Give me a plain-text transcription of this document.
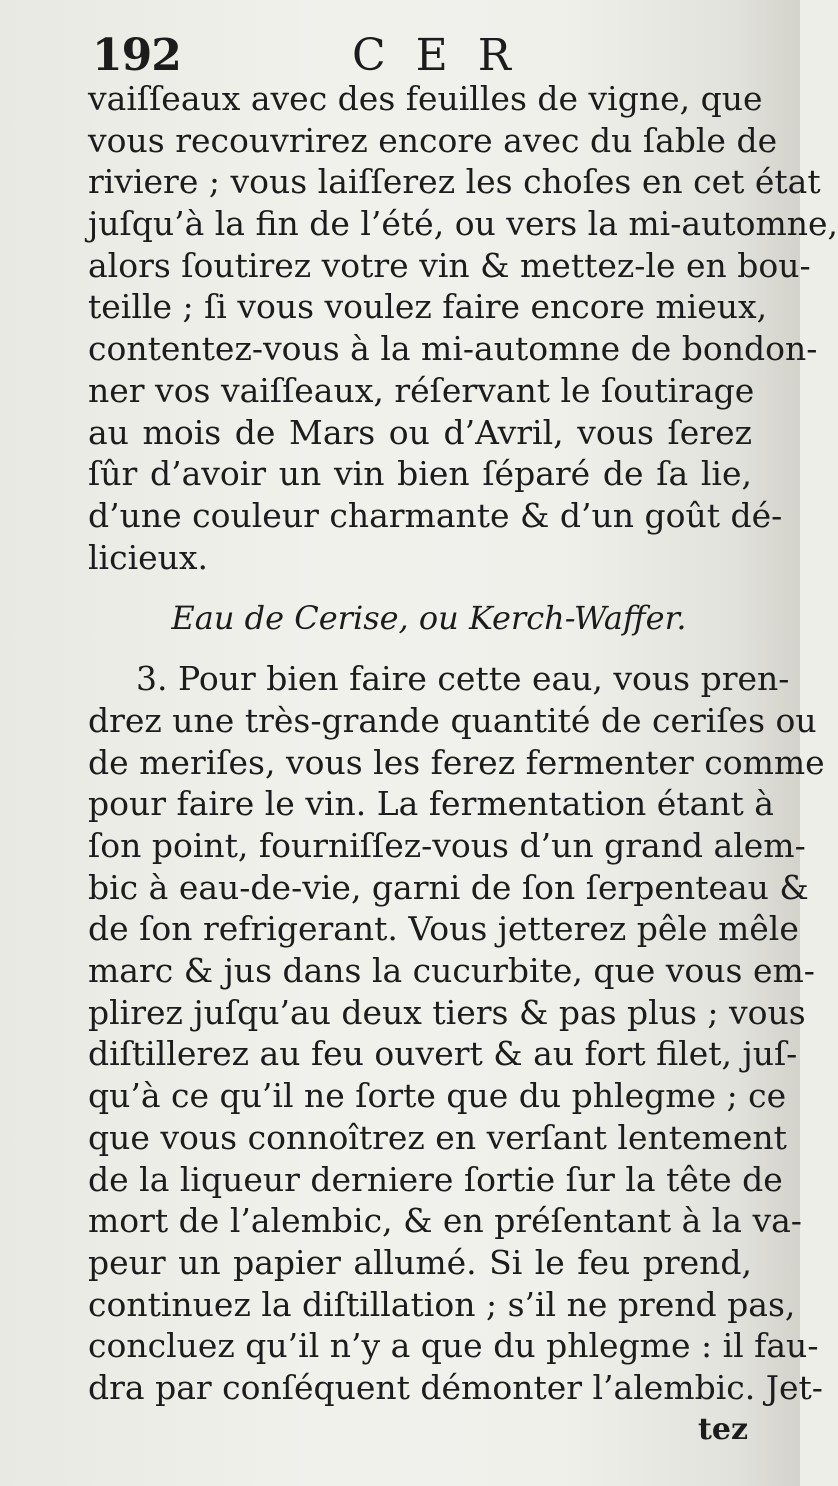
192	C E R
vaiſſeaux avec des feuilles de vigne, que
vous recouvrirez encore avec du ſable de
riviere ; vous laiſſerez les choſes en cet état
juſqu’à la fin de l’été, ou vers la mi-automne,
alors ſoutirez votre vin & mettez-le en bou-
teille ; ſi vous voulez faire encore mieux,
contentez-vous à la mi-automne de bondon-
ner vos vaiſſeaux, réſervant le ſoutirage
au mois de Mars ou d’Avril, vous ſerez
ſûr d’avoir un vin bien ſéparé de ſa lie,
d’une couleur charmante & d’un goût dé-
licieux.
Eau de Cerise, ou Kerch-Waffer.
3. Pour bien faire cette eau, vous pren-
drez une très-grande quantité de ceriſes ou
de meriſes, vous les ferez fermenter comme
pour faire le vin. La fermentation étant à
ſon point, fourniſſez-vous d’un grand alem-
bic à eau-de-vie, garni de ſon ſerpenteau &
de ſon refrigerant. Vous jetterez pêle mêle
marc & jus dans la cucurbite, que vous em-
plirez juſqu’au deux tiers & pas plus ; vous
diſtillerez au feu ouvert & au fort filet, juſ-
qu’à ce qu’il ne ſorte que du phlegme ; ce
que vous connoîtrez en verſant lentement
de la liqueur derniere ſortie ſur la tête de
mort de l’alembic, & en préſentant à la va-
peur un papier allumé. Si le feu prend,
continuez la diſtillation ; s’il ne prend pas,
concluez qu’il n’y a que du phlegme : il fau-
dra par conſéquent démonter l’alembic. Jet-
tez
